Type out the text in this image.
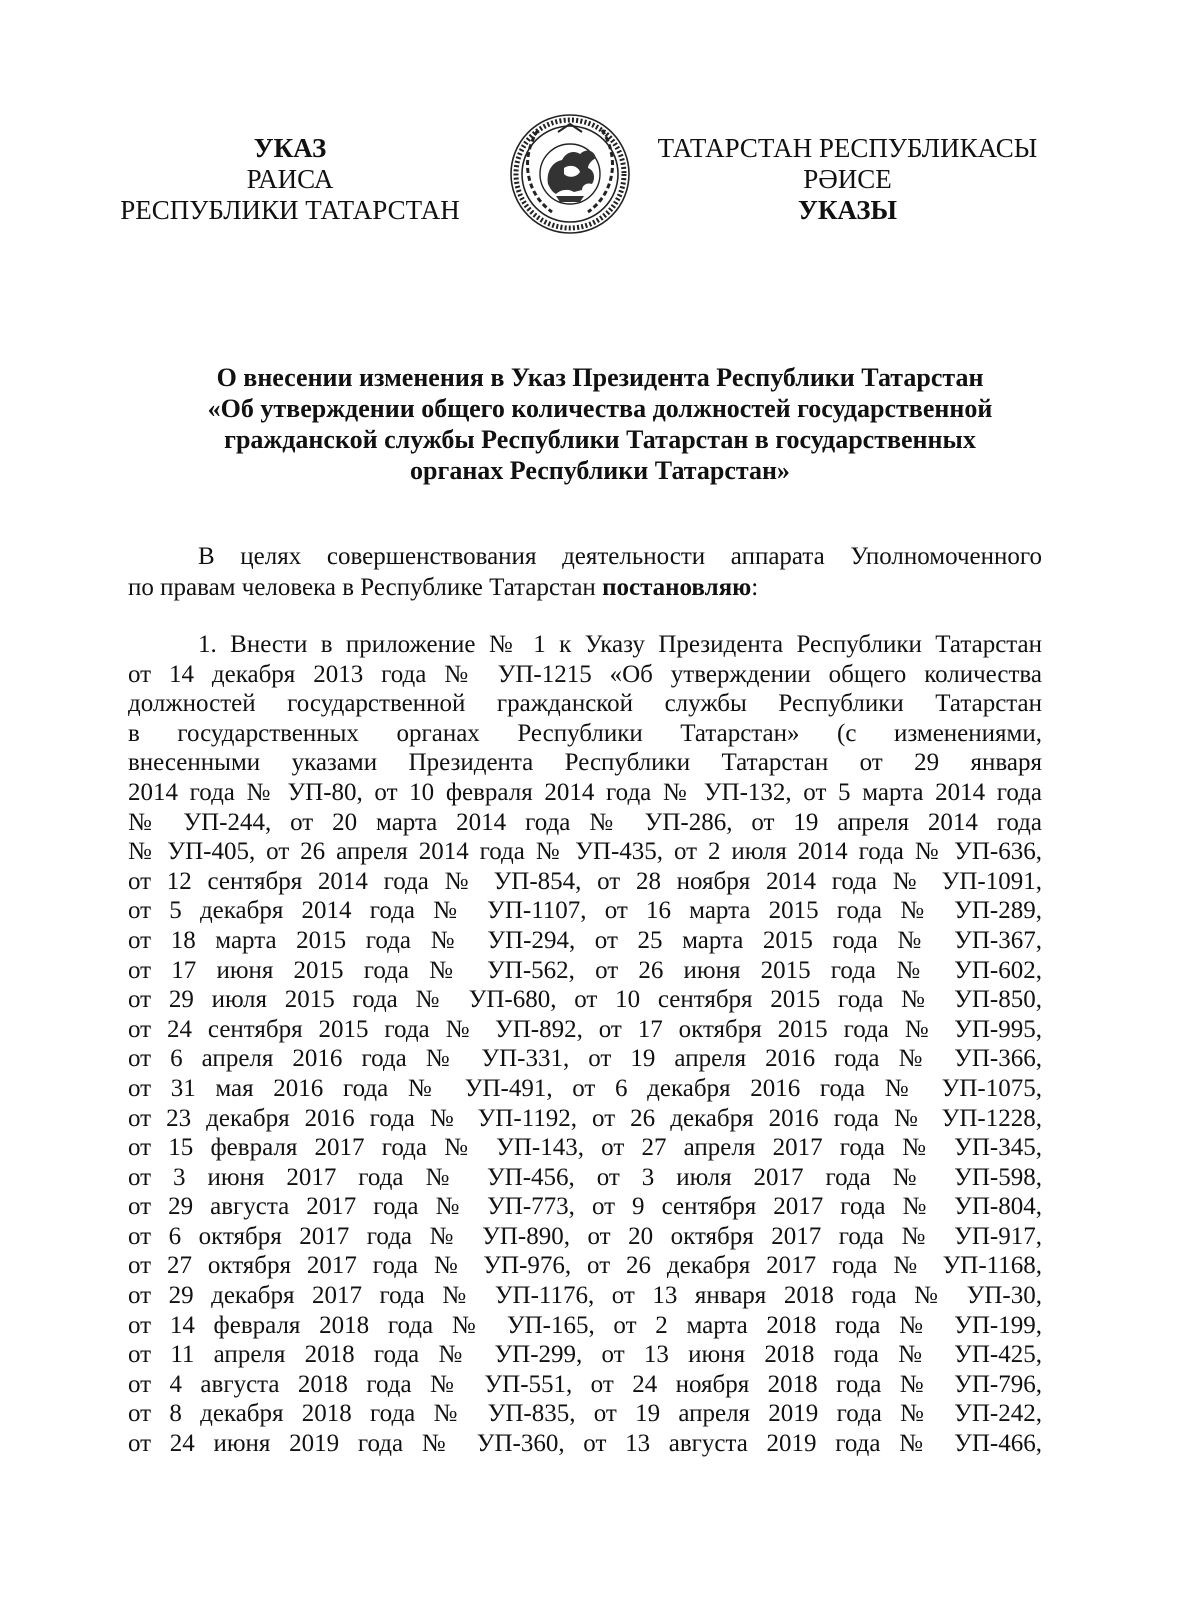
УКАЗ
РАИСА
РЕСПУБЛИКИ ТАТАРСТАН
ТАТАРСТАН РЕСПУБЛИКАСЫ
РӘИСЕ
УКАЗЫ
О внесении изменения в Указ Президента Республики Татарстан
«Об утверждении общего количества должностей государственной
гражданской службы Республики Татарстан в государственных
органах Республики Татарстан»
В целях совершенствования деятельности аппарата Уполномоченного
по правам человека в Республике Татарстан постановляю:
1. Внести в приложение № 1 к Указу Президента Республики Татарстан
от 14 декабря 2013 года № УП-1215 «Об утверждении общего количества
должностей государственной гражданской службы Республики Татарстан
в государственных органах Республики Татарстан» (с изменениями,
внесенными указами Президента Республики Татарстан от 29 января
2014 года № УП-80, от 10 февраля 2014 года № УП-132, от 5 марта 2014 года
№ УП-244, от 20 марта 2014 года № УП-286, от 19 апреля 2014 года
№ УП-405, от 26 апреля 2014 года № УП-435, от 2 июля 2014 года № УП-636,
от 12 сентября 2014 года № УП-854, от 28 ноября 2014 года № УП-1091,
от 5 декабря 2014 года № УП-1107, от 16 марта 2015 года № УП-289,
от 18 марта 2015 года № УП-294, от 25 марта 2015 года № УП-367,
от 17 июня 2015 года № УП-562, от 26 июня 2015 года № УП-602,
от 29 июля 2015 года № УП-680, от 10 сентября 2015 года № УП-850,
от 24 сентября 2015 года № УП-892, от 17 октября 2015 года № УП-995,
от 6 апреля 2016 года № УП-331, от 19 апреля 2016 года № УП-366,
от 31 мая 2016 года № УП-491, от 6 декабря 2016 года № УП-1075,
от 23 декабря 2016 года № УП-1192, от 26 декабря 2016 года № УП-1228,
от 15 февраля 2017 года № УП-143, от 27 апреля 2017 года № УП-345,
от 3 июня 2017 года № УП-456, от 3 июля 2017 года № УП-598,
от 29 августа 2017 года № УП-773, от 9 сентября 2017 года № УП-804,
от 6 октября 2017 года № УП-890, от 20 октября 2017 года № УП-917,
от 27 октября 2017 года № УП-976, от 26 декабря 2017 года № УП-1168,
от 29 декабря 2017 года № УП-1176, от 13 января 2018 года № УП-30,
от 14 февраля 2018 года № УП-165, от 2 марта 2018 года № УП-199,
от 11 апреля 2018 года № УП-299, от 13 июня 2018 года № УП-425,
от 4 августа 2018 года № УП-551, от 24 ноября 2018 года № УП-796,
от 8 декабря 2018 года № УП-835, от 19 апреля 2019 года № УП-242,
от 24 июня 2019 года № УП-360, от 13 августа 2019 года № УП-466,
